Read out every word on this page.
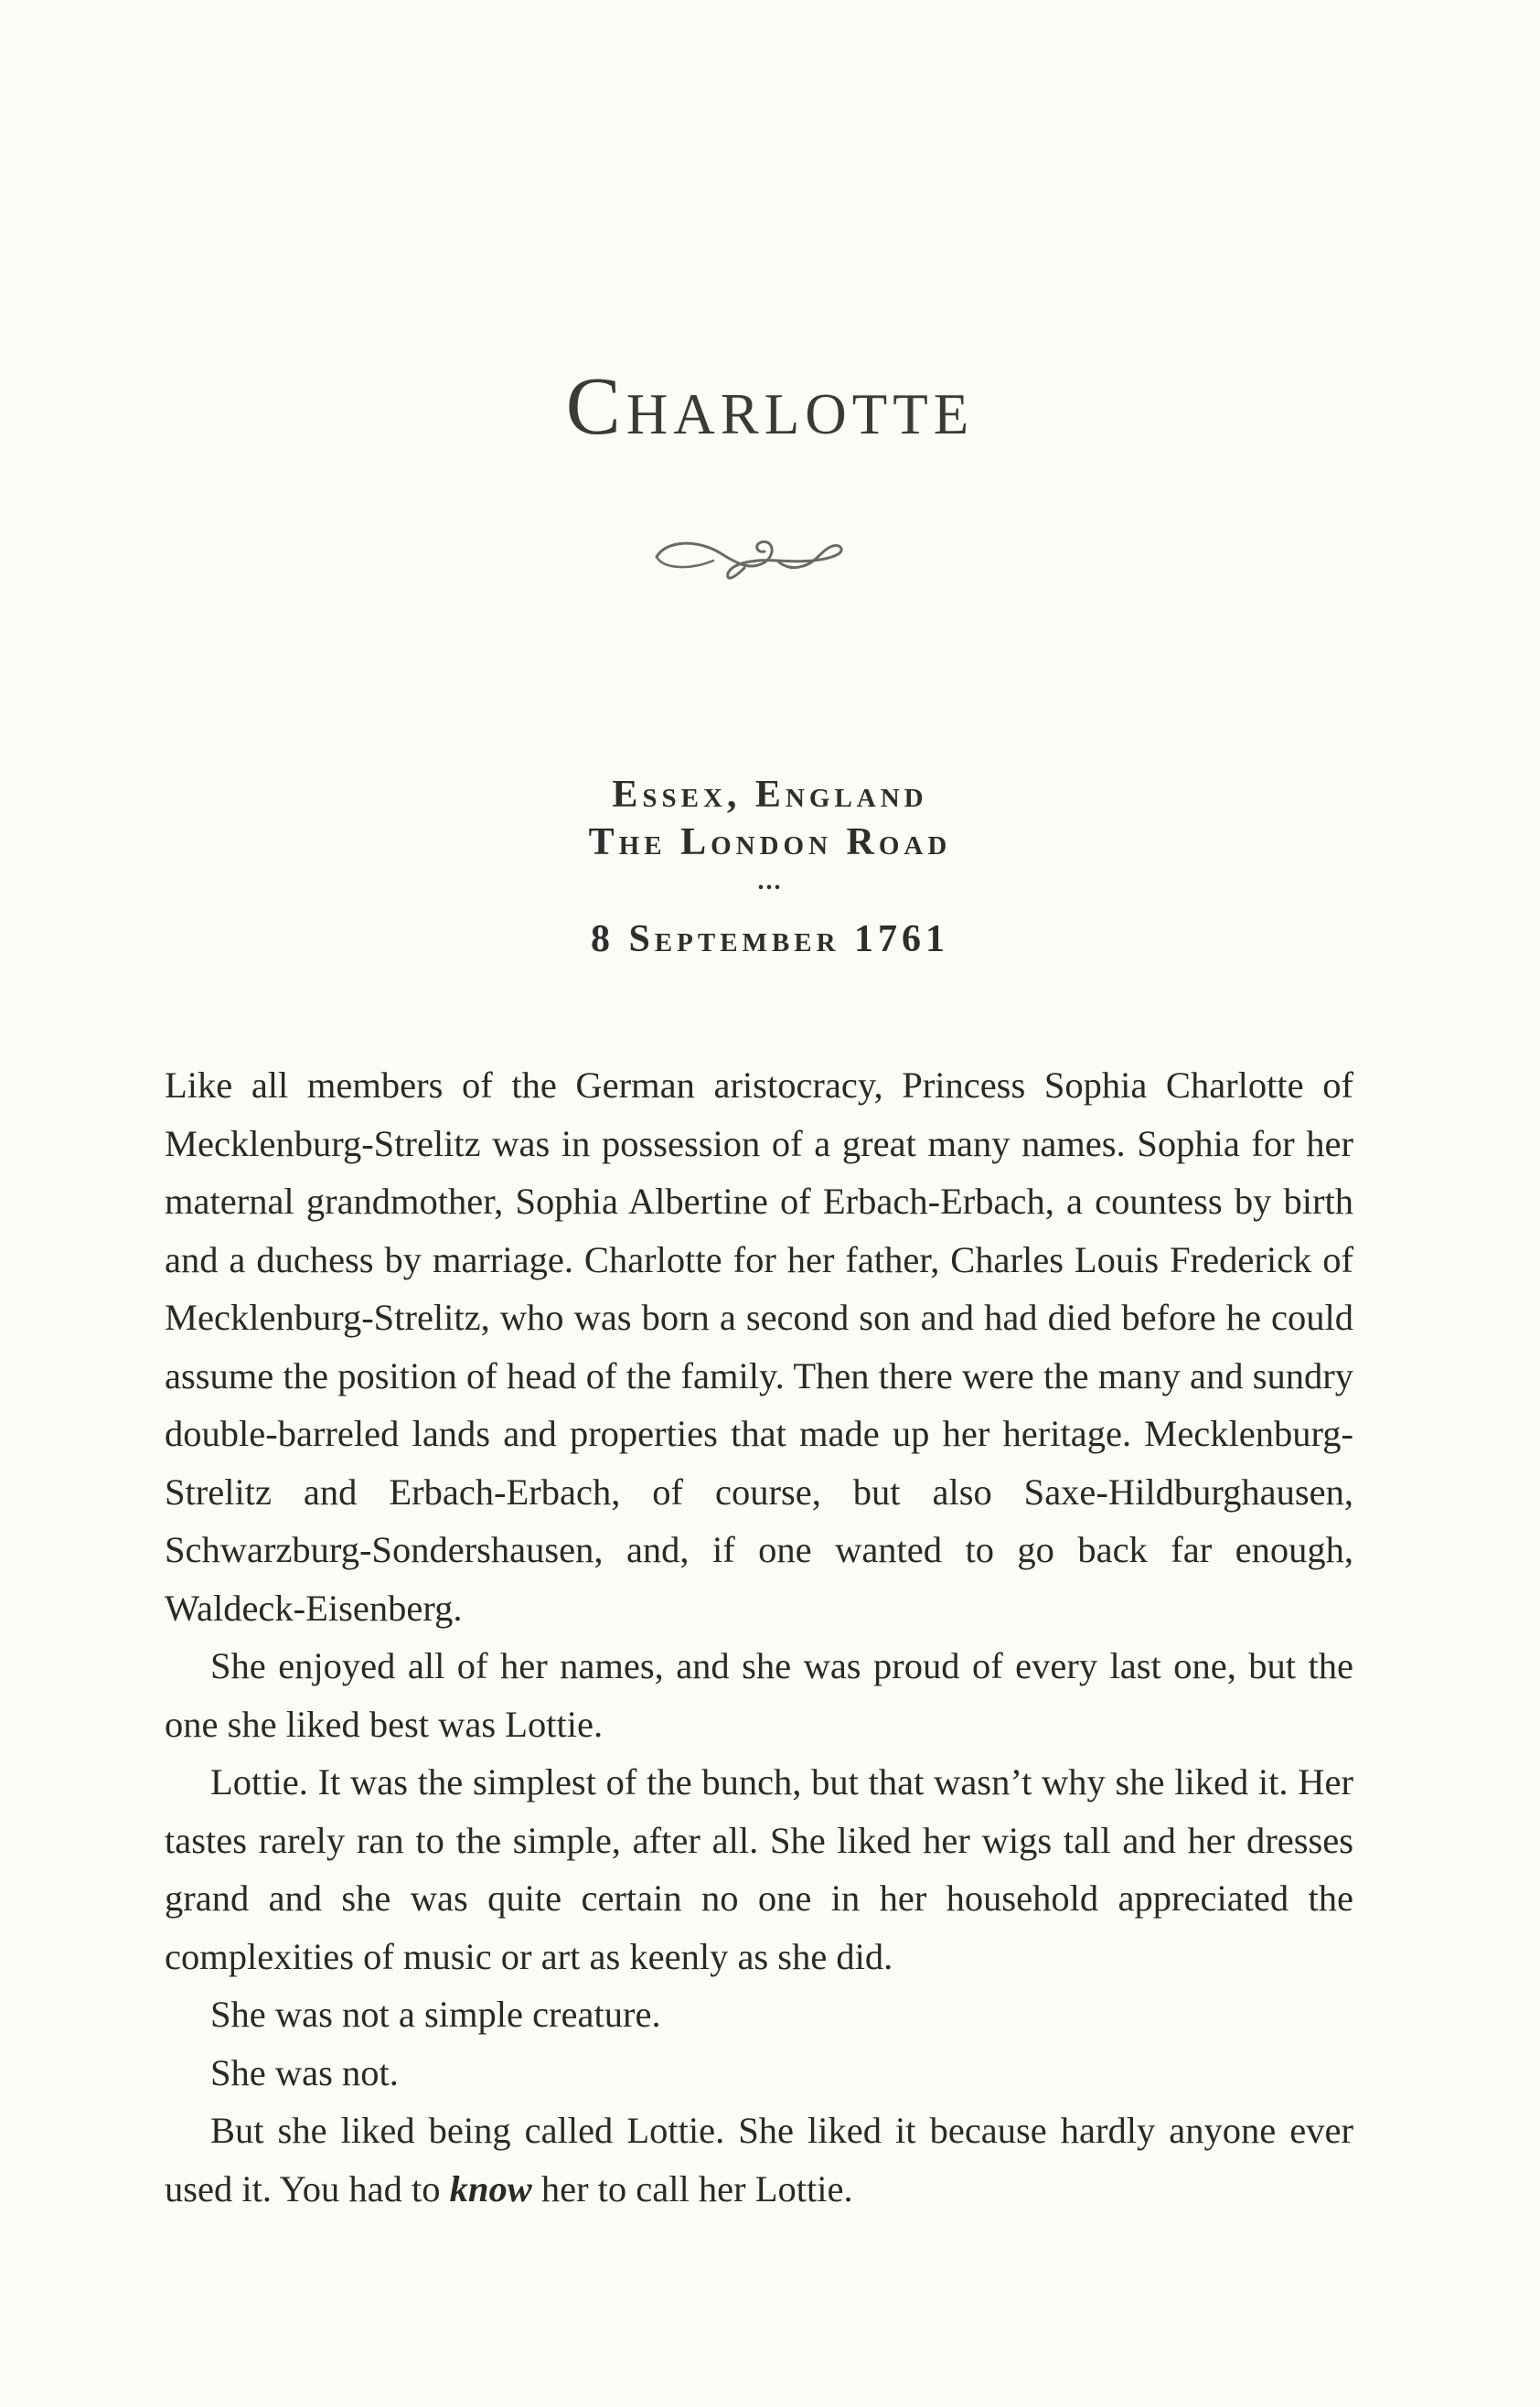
Charlotte
Essex, England
The London Road
...
8 September 1761

Like all members of the German aristocracy, Princess Sophia Charlotte of Mecklenburg-Strelitz was in possession of a great many names. Sophia for her maternal grandmother, Sophia Albertine of Erbach-Erbach, a countess by birth and a duchess by marriage. Charlotte for her father, Charles Louis Frederick of Mecklenburg-Strelitz, who was born a second son and had died before he could assume the position of head of the family. Then there were the many and sundry double-barreled lands and properties that made up her heritage. Mecklenburg-Strelitz and Erbach-Erbach, of course, but also Saxe-Hildburghausen, Schwarzburg-Sondershausen, and, if one wanted to go back far enough, Waldeck-Eisenberg.

She enjoyed all of her names, and she was proud of every last one, but the one she liked best was Lottie.

Lottie. It was the simplest of the bunch, but that wasn’t why she liked it. Her tastes rarely ran to the simple, after all. She liked her wigs tall and her dresses grand and she was quite certain no one in her household appreciated the complexities of music or art as keenly as she did.

She was not a simple creature.

She was not.

But she liked being called Lottie. She liked it because hardly anyone ever used it. You had to know her to call her Lottie.
